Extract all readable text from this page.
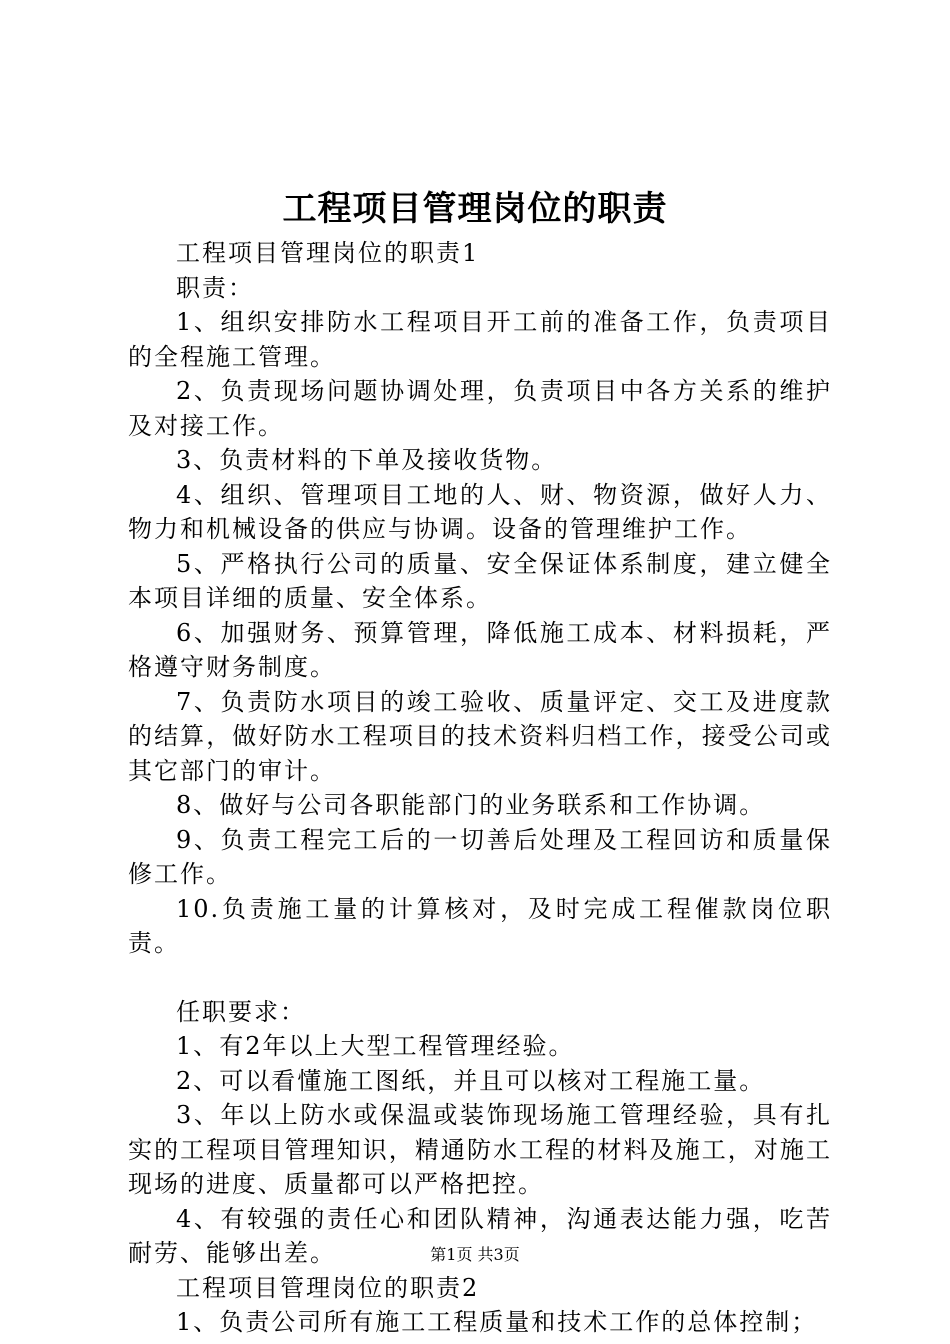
工程项目管理岗位的职责

工程项目管理岗位的职责1

职责：

1、组织安排防水工程项目开工前的准备工作，负责项目的全程施工管理。

2、负责现场问题协调处理，负责项目中各方关系的维护及对接工作。

3、负责材料的下单及接收货物。

4、组织、管理项目工地的人、财、物资源，做好人力、物力和机械设备的供应与协调。设备的管理维护工作。

5、严格执行公司的质量、安全保证体系制度，建立健全本项目详细的质量、安全体系。

6、加强财务、预算管理，降低施工成本、材料损耗，严格遵守财务制度。

7、负责防水项目的竣工验收、质量评定、交工及进度款的结算，做好防水工程项目的技术资料归档工作，接受公司或其它部门的审计。

8、做好与公司各职能部门的业务联系和工作协调。

9、负责工程完工后的一切善后处理及工程回访和质量保修工作。

10.负责施工量的计算核对，及时完成工程催款岗位职责。

任职要求：

1、有2年以上大型工程管理经验。

2、可以看懂施工图纸，并且可以核对工程施工量。

3、年以上防水或保温或装饰现场施工管理经验，具有扎实的工程项目管理知识，精通防水工程的材料及施工，对施工现场的进度、质量都可以严格把控。

4、有较强的责任心和团队精神，沟通表达能力强，吃苦耐劳、能够出差。

工程项目管理岗位的职责2

1、负责公司所有施工工程质量和技术工作的总体控制；

第1页 共3页
